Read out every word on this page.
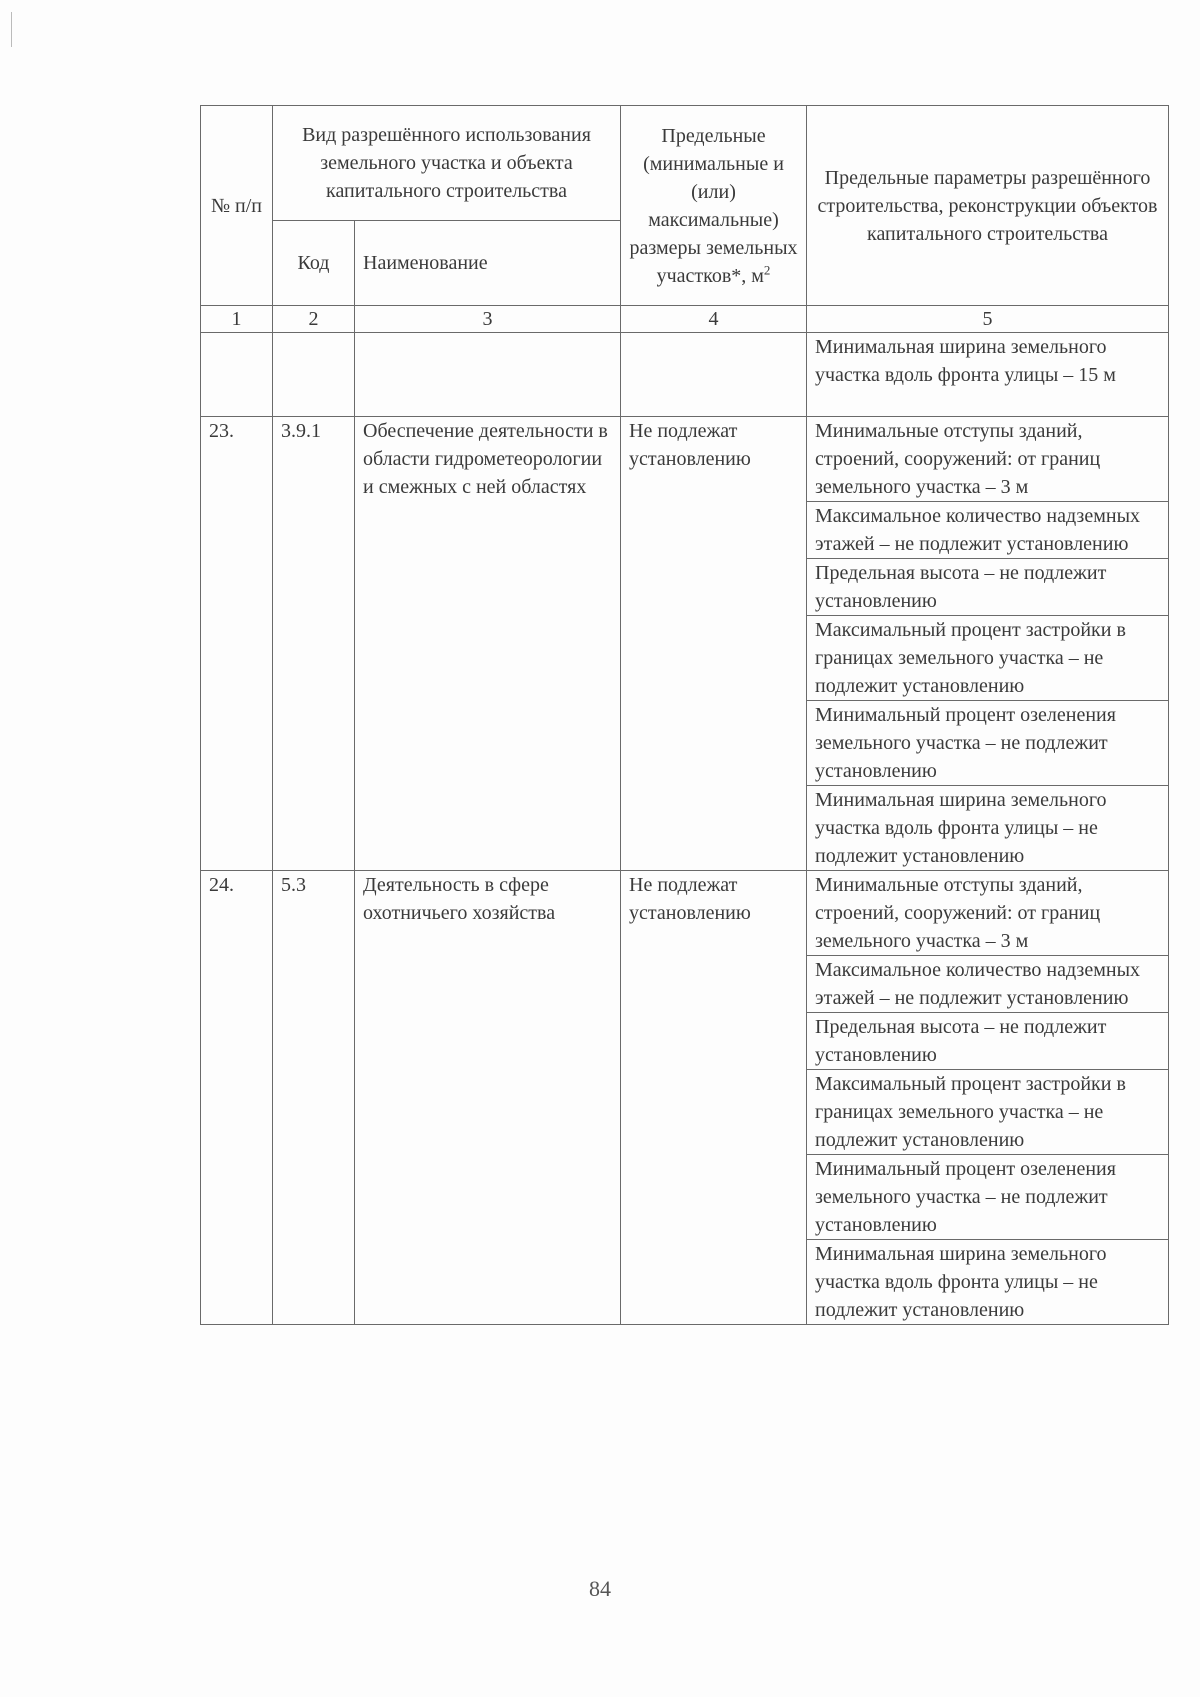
№ п/п	Вид разрешённого использования земельного участка и объекта капитального строительства		Предельные (минимальные и (или) максимальные) размеры земельных участков*, $м^2$	Предельные параметры разрешённого строительства, реконструкции объектов капитального строительства
	Код	Наименование		
1	2	3	4	5
				Минимальная ширина земельного участка вдоль фронта улицы – 15 м
23.	3.9.1	Обеспечение деятельности в области гидрометеорологии и смежных с ней областях	Не подлежат установлению	Минимальные отступы зданий, строений, сооружений: от границ земельного участка – 3 м
				Максимальное количество надземных этажей – не подлежит установлению
				Предельная высота – не подлежит установлению
				Максимальный процент застройки в границах земельного участка – не подлежит установлению
				Минимальный процент озеленения земельного участка – не подлежит установлению
				Минимальная ширина земельного участка вдоль фронта улицы – не подлежит установлению
24.	5.3	Деятельность в сфере охотничьего хозяйства	Не подлежат установлению	Минимальные отступы зданий, строений, сооружений: от границ земельного участка – 3 м
				Максимальное количество надземных этажей – не подлежит установлению
				Предельная высота – не подлежит установлению
				Максимальный процент застройки в границах земельного участка – не подлежит установлению
				Минимальный процент озеленения земельного участка – не подлежит установлению
				Минимальная ширина земельного участка вдоль фронта улицы – не подлежит установлению
84
